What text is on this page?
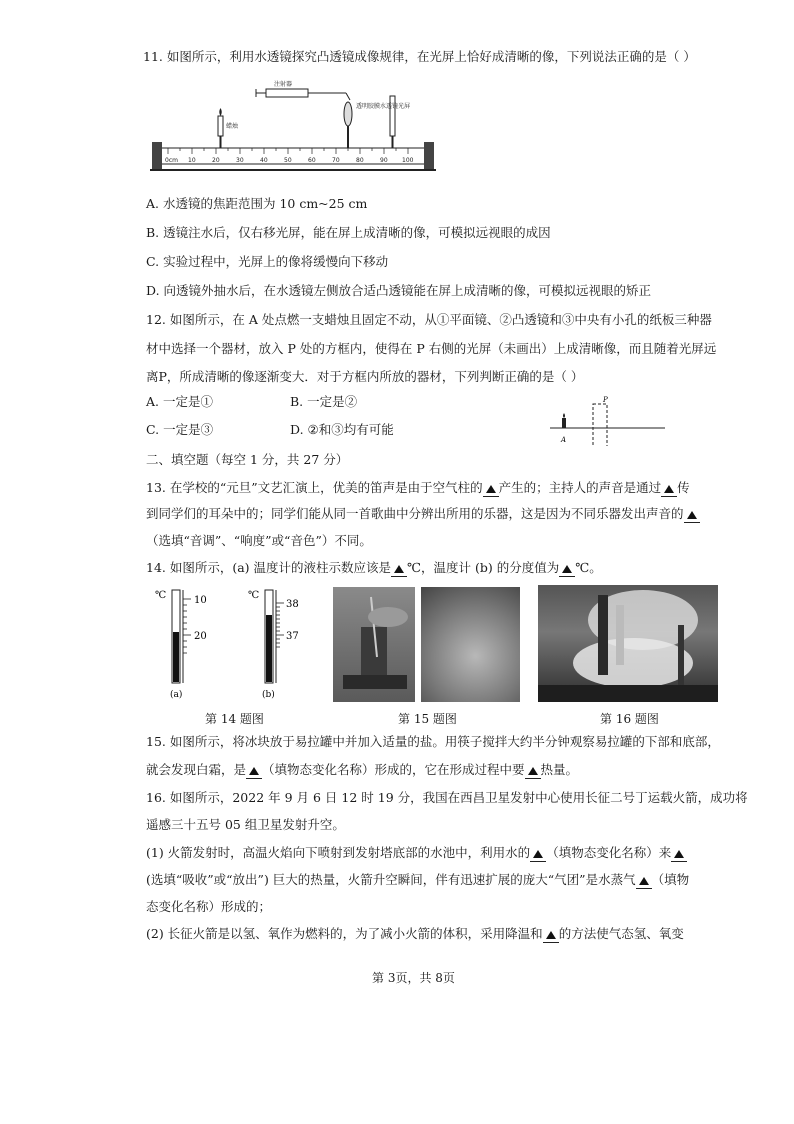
11. 如图所示，利用水透镜探究凸透镜成像规律，在光屏上恰好成清晰的像，下列说法正确的是（ ）
0cm 10	20	30	40	50	60	70	80	90 100
蜡烛
注射器
透明胶膜水透镜 光屏
A. 水透镜的焦距范围为 10 cm~25 cm
B. 透镜注水后，仅右移光屏，能在屏上成清晰的像，可模拟远视眼的成因
C. 实验过程中，光屏上的像将缓慢向下移动
D. 向透镜外抽水后，在水透镜左侧放合适凸透镜能在屏上成清晰的像，可模拟远视眼的矫正
12. 如图所示，在 A 处点燃一支蜡烛且固定不动，从①平面镜、②凸透镜和③中央有小孔的纸板三种器
材中选择一个器材，放入 P 处的方框内，使得在 P 右侧的光屏（未画出）上成清晰像，而且随着光屏远
离P，所成清晰的像逐渐变大．对于方框内所放的器材，下列判断正确的是（ ）
A. 一定是①	B. 一定是②
C. 一定是③	D. ②和③均有可能
A
P
二、填空题（每空 1 分，共 27 分）
13. 在学校的“元旦”文艺汇演上，优美的笛声是由于空气柱的 产生的；主持人的声音是通过 传
到同学们的耳朵中的；同学们能从同一首歌曲中分辨出所用的乐器，这是因为不同乐器发出声音的
（选填“音调”、“响度”或“音色”）不同。
14. 如图所示，(a) 温度计的液柱示数应该是 ℃，温度计 (b) 的分度值为 ℃。
℃	10
20
(a)
℃
38
37
(b)
第 14 题图	第 15 题图	第 16 题图
15. 如图所示，将冰块放于易拉罐中并加入适量的盐。用筷子搅拌大约半分钟观察易拉罐的下部和底部，
就会发现白霜，是 （填物态变化名称）形成的，它在形成过程中要 热量。
16. 如图所示，2022 年 9 月 6 日 12 时 19 分，我国在西昌卫星发射中心使用长征二号丁运载火箭，成功将
遥感三十五号 05 组卫星发射升空。
(1) 火箭发射时，高温火焰向下喷射到发射塔底部的水池中，利用水的 （填物态变化名称）来
(选填“吸收”或“放出”) 巨大的热量，火箭升空瞬间，伴有迅速扩展的庞大“气团”是水蒸气 （填物
态变化名称）形成的；
(2) 长征火箭是以氢、氧作为燃料的，为了减小火箭的体积，采用降温和 的方法使气态氢、氧变
第 3页，共 8页
